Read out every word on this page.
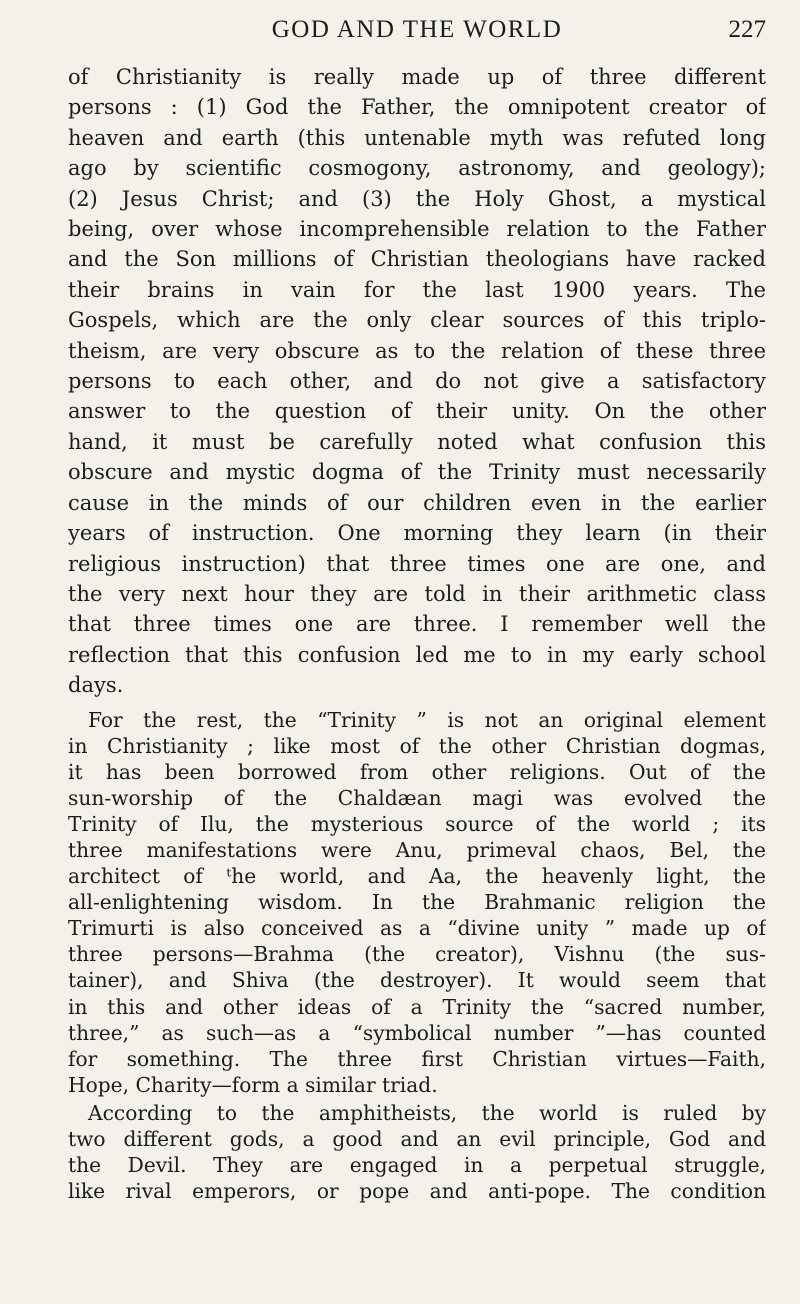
GOD AND THE WORLD	227
of Christianity is really made up of three different
persons : (1) God the Father, the omnipotent creator of
heaven and earth (this untenable myth was refuted long
ago by scientific cosmogony, astronomy, and geology);
(2) Jesus Christ; and (3) the Holy Ghost, a mystical
being, over whose incomprehensible relation to the Father
and the Son millions of Christian theologians have racked
their brains in vain for the last 1900 years. The
Gospels, which are the only clear sources of this triplo-
theism, are very obscure as to the relation of these three
persons to each other, and do not give a satisfactory
answer to the question of their unity. On the other
hand, it must be carefully noted what confusion this
obscure and mystic dogma of the Trinity must necessarily
cause in the minds of our children even in the earlier
years of instruction. One morning they learn (in their
religious instruction) that three times one are one, and
the very next hour they are told in their arithmetic class
that three times one are three. I remember well the
reflection that this confusion led me to in my early school
days.
For the rest, the “Trinity ” is not an original element
in Christianity ; like most of the other Christian dogmas,
it has been borrowed from other religions. Out of the
sun-worship of the Chaldæan magi was evolved the
Trinity of Ilu, the mysterious source of the world ; its
three manifestations were Anu, primeval chaos, Bel, the
architect of ᵗhe world, and Aa, the heavenly light, the
all-enlightening wisdom. In the Brahmanic religion the
Trimurti is also conceived as a “divine unity ” made up of
three persons—Brahma (the creator), Vishnu (the sus-
tainer), and Shiva (the destroyer). It would seem that
in this and other ideas of a Trinity the “sacred number,
three,” as such—as a “symbolical number ”—has counted
for something. The three first Christian virtues—Faith,
Hope, Charity—form a similar triad.
According to the amphitheists, the world is ruled by
two different gods, a good and an evil principle, God and
the Devil. They are engaged in a perpetual struggle,
like rival emperors, or pope and anti-pope. The condition
